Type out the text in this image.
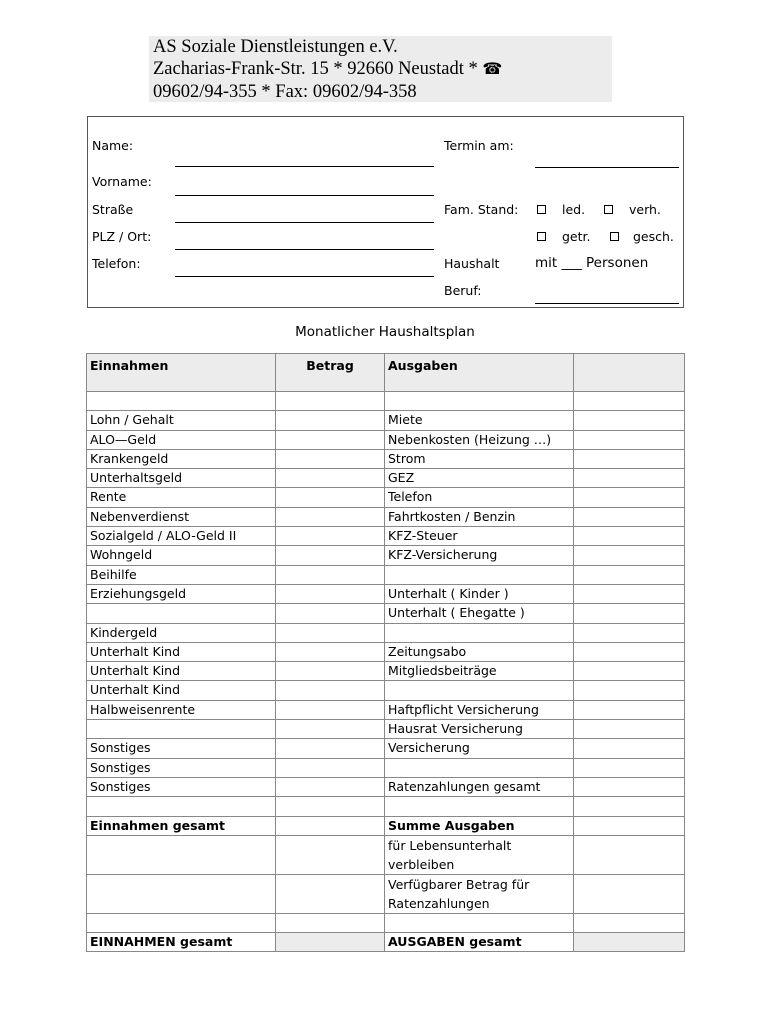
AS Soziale Dienstleistungen e.V.
Zacharias-Frank-Str. 15 * 92660 Neustadt * ☎
09602/94-355 * Fax: 09602/94-358
Name:
Vorname:
Straße
PLZ / Ort:
Telefon:
Termin am:
Fam. Stand:	led.	verh.
getr.	gesch.
Haushalt	mit ___ Personen
Beruf:
Monatlicher Haushaltsplan
Einnahmen	Betrag	Ausgaben	

Lohn / Gehalt		Miete	
ALO—Geld		Nebenkosten (Heizung …)	
Krankengeld		Strom	
Unterhaltsgeld		GEZ	
Rente		Telefon	
Nebenverdienst		Fahrtkosten / Benzin	
Sozialgeld / ALO-Geld II		KFZ-Steuer	
Wohngeld		KFZ-Versicherung	
Beihilfe			
Erziehungsgeld		Unterhalt ( Kinder )	
		Unterhalt ( Ehegatte )	
Kindergeld			
Unterhalt Kind		Zeitungsabo	
Unterhalt Kind		Mitgliedsbeiträge	
Unterhalt Kind			
Halbweisenrente		Haftpflicht Versicherung	
		Hausrat Versicherung	
Sonstiges		Versicherung	
Sonstiges			
Sonstiges		Ratenzahlungen gesamt	

Einnahmen gesamt		Summe Ausgaben	
		für Lebensunterhalt verbleiben	
		Verfügbarer Betrag für Ratenzahlungen	

EINNAHMEN gesamt		AUSGABEN gesamt	
